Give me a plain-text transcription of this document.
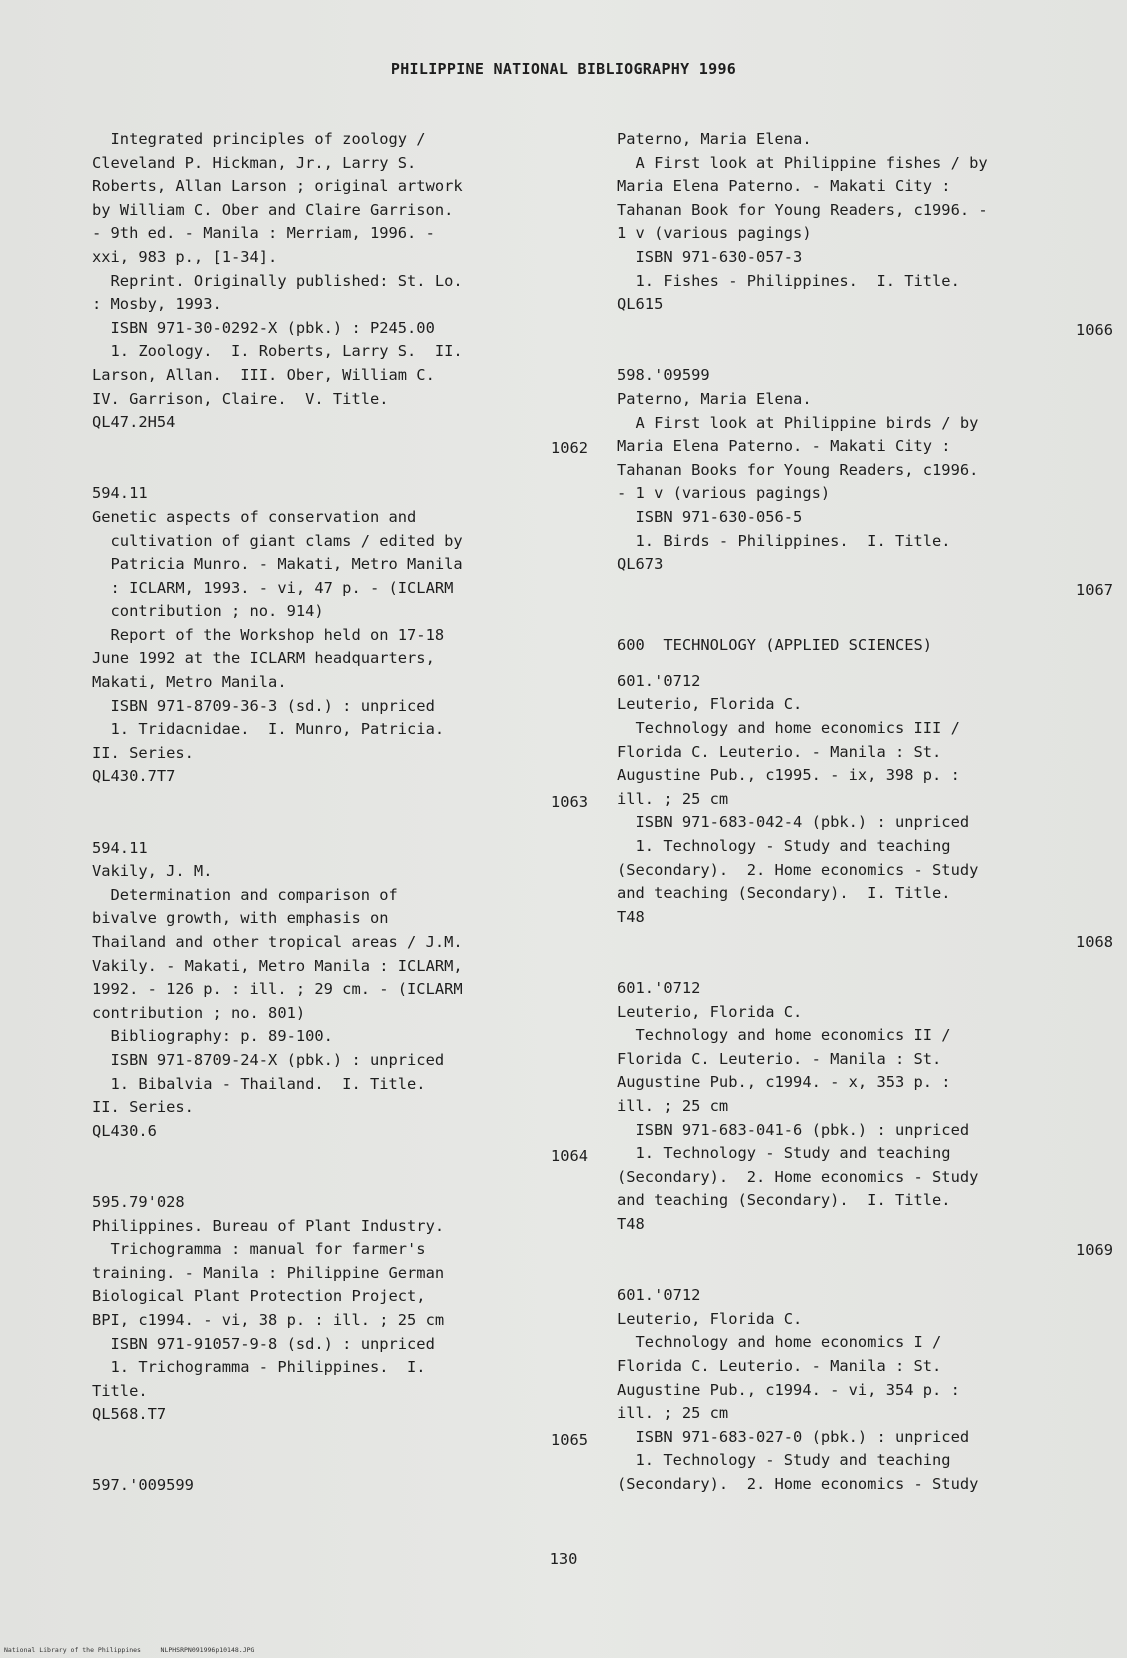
PHILIPPINE NATIONAL BIBLIOGRAPHY 1996
Integrated principles of zoology /
Cleveland P. Hickman, Jr., Larry S.
Roberts, Allan Larson ; original artwork
by William C. Ober and Claire Garrison.
- 9th ed. - Manila : Merriam, 1996. -
xxi, 983 p., [1-34].
Reprint. Originally published: St. Lo.
: Mosby, 1993.
ISBN 971-30-0292-X (pbk.) : P245.00
1. Zoology.  I. Roberts, Larry S.  II.
Larson, Allan.  III. Ober, William C.
IV. Garrison, Claire.  V. Title.
QL47.2H54
1062
594.11
Genetic aspects of conservation and
cultivation of giant clams / edited by
Patricia Munro. - Makati, Metro Manila
: ICLARM, 1993. - vi, 47 p. - (ICLARM
contribution ; no. 914)
Report of the Workshop held on 17-18
June 1992 at the ICLARM headquarters,
Makati, Metro Manila.
ISBN 971-8709-36-3 (sd.) : unpriced
1. Tridacnidae.  I. Munro, Patricia.
II. Series.
QL430.7T7
1063
594.11
Vakily, J. M.
Determination and comparison of
bivalve growth, with emphasis on
Thailand and other tropical areas / J.M.
Vakily. - Makati, Metro Manila : ICLARM,
1992. - 126 p. : ill. ; 29 cm. - (ICLARM
contribution ; no. 801)
Bibliography: p. 89-100.
ISBN 971-8709-24-X (pbk.) : unpriced
1. Bibalvia - Thailand.  I. Title.
II. Series.
QL430.6
1064
595.79'028
Philippines. Bureau of Plant Industry.
Trichogramma : manual for farmer's
training. - Manila : Philippine German
Biological Plant Protection Project,
BPI, c1994. - vi, 38 p. : ill. ; 25 cm
ISBN 971-91057-9-8 (sd.) : unpriced
1. Trichogramma - Philippines.  I.
Title.
QL568.T7
1065
597.'009599
Paterno, Maria Elena.
A First look at Philippine fishes / by
Maria Elena Paterno. - Makati City :
Tahanan Book for Young Readers, c1996. -
1 v (various pagings)
ISBN 971-630-057-3
1. Fishes - Philippines.  I. Title.
QL615
1066
598.'09599
Paterno, Maria Elena.
A First look at Philippine birds / by
Maria Elena Paterno. - Makati City :
Tahanan Books for Young Readers, c1996.
- 1 v (various pagings)
ISBN 971-630-056-5
1. Birds - Philippines.  I. Title.
QL673
1067
600  TECHNOLOGY (APPLIED SCIENCES)
601.'0712
Leuterio, Florida C.
Technology and home economics III /
Florida C. Leuterio. - Manila : St.
Augustine Pub., c1995. - ix, 398 p. :
ill. ; 25 cm
ISBN 971-683-042-4 (pbk.) : unpriced
1. Technology - Study and teaching
(Secondary).  2. Home economics - Study
and teaching (Secondary).  I. Title.
T48
1068
601.'0712
Leuterio, Florida C.
Technology and home economics II /
Florida C. Leuterio. - Manila : St.
Augustine Pub., c1994. - x, 353 p. :
ill. ; 25 cm
ISBN 971-683-041-6 (pbk.) : unpriced
1. Technology - Study and teaching
(Secondary).  2. Home economics - Study
and teaching (Secondary).  I. Title.
T48
1069
601.'0712
Leuterio, Florida C.
Technology and home economics I /
Florida C. Leuterio. - Manila : St.
Augustine Pub., c1994. - vi, 354 p. :
ill. ; 25 cm
ISBN 971-683-027-0 (pbk.) : unpriced
1. Technology - Study and teaching
(Secondary).  2. Home economics - Study
130
National Library of the Philippines     NLPHSRPN091996p10148.JPG
